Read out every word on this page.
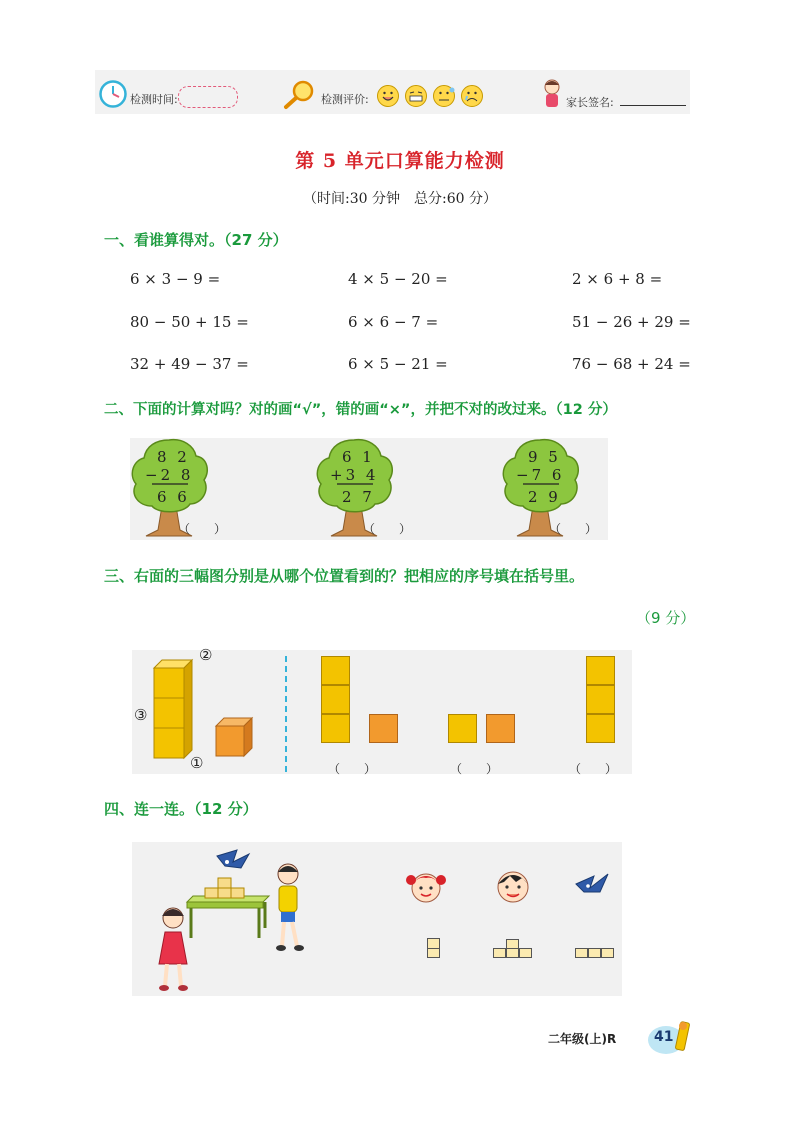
检测时间:	检测评价:	家长签名:
第 5 单元口算能力检测
（时间:30 分钟　总分:60 分）
一、看谁算得对。（27 分）
6 × 3 − 9 =	4 × 5 − 20 =	2 × 6 + 8 =
80 − 50 + 15 =	6 × 6 − 7 =	51 − 26 + 29 =
32 + 49 − 37 =	6 × 5 − 21 =	76 − 68 + 24 =
二、下面的计算对吗？对的画“√”，错的画“×”，并把不对的改过来。（12 分）
8 2
−2 8
6 6
（　　）
6 1
+3 4
2 7
（　　）
9 5
−7 6
2 9
（　　）
三、右面的三幅图分别是从哪个位置看到的？把相应的序号填在括号里。
（9 分）
②
③
①	（　　）	（　　）	（　　）
四、连一连。（12 分）
二年级(上)R	41
